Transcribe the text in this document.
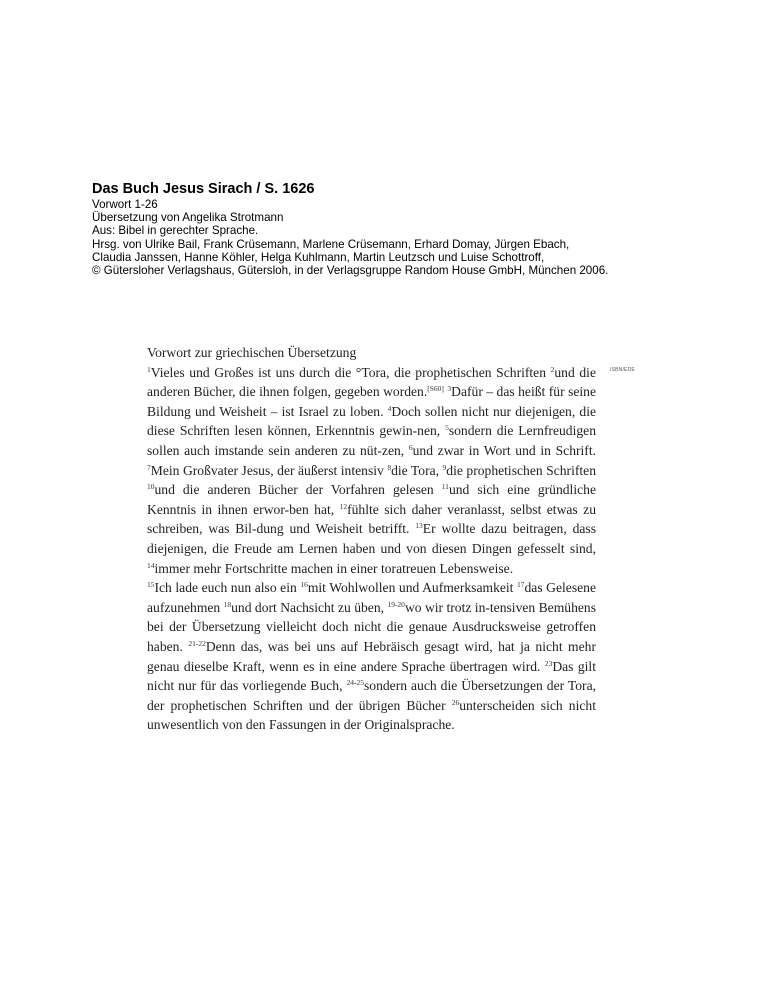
Das Buch Jesus Sirach / S. 1626
Vorwort 1-26
Übersetzung von Angelika Strotmann
Aus: Bibel in gerechter Sprache.
Hrsg. von Ulrike Bail, Frank Crüsemann, Marlene Crüsemann, Erhard Domay, Jürgen Ebach,
Claudia Janssen, Hanne Köhler, Helga Kuhlmann, Martin Leutzsch und Luise Schottroff,
© Gütersloher Verlagshaus, Gütersloh, in der Verlagsgruppe Random House GmbH, München 2006.
ISBN/EDE
Vorwort zur griechischen Übersetzung

$^1$Vieles und Großes ist uns durch die °Tora, die prophetischen Schriften $^2$und die anderen Bücher, die ihnen folgen, gegeben worden.[S60] $^3$Dafür – das heißt für seine Bildung und Weisheit – ist Israel zu loben. $^4$Doch sollen nicht nur diejenigen, die diese Schriften lesen können, Erkenntnis gewin-nen, $^5$sondern die Lernfreudigen sollen auch imstande sein anderen zu nüt-zen, $^6$und zwar in Wort und in Schrift. $^7$Mein Großvater Jesus, der äußerst intensiv $^8$die Tora, $^9$die prophetischen Schriften $^{10}$und die anderen Bücher der Vorfahren gelesen $^{11}$und sich eine gründliche Kenntnis in ihnen erwor-ben hat, $^{12}$fühlte sich daher veranlasst, selbst etwas zu schreiben, was Bil-dung und Weisheit betrifft. $^{13}$Er wollte dazu beitragen, dass diejenigen, die Freude am Lernen haben und von diesen Dingen gefesselt sind, $^{14}$immer mehr Fortschritte machen in einer toratreuen Lebensweise.

$^{15}$Ich lade euch nun also ein $^{16}$mit Wohlwollen und Aufmerksamkeit $^{17}$das Gelesene aufzunehmen $^{18}$und dort Nachsicht zu üben, $^{19-20}$wo wir trotz in-tensiven Bemühens bei der Übersetzung vielleicht doch nicht die genaue Ausdrucksweise getroffen haben. $^{21-22}$Denn das, was bei uns auf Hebräisch gesagt wird, hat ja nicht mehr genau dieselbe Kraft, wenn es in eine andere Sprache übertragen wird. $^{23}$Das gilt nicht nur für das vorliegende Buch, $^{24-25}$sondern auch die Übersetzungen der Tora, der prophetischen Schriften und der übrigen Bücher $^{26}$unterscheiden sich nicht unwesentlich von den Fassungen in der Originalsprache.
